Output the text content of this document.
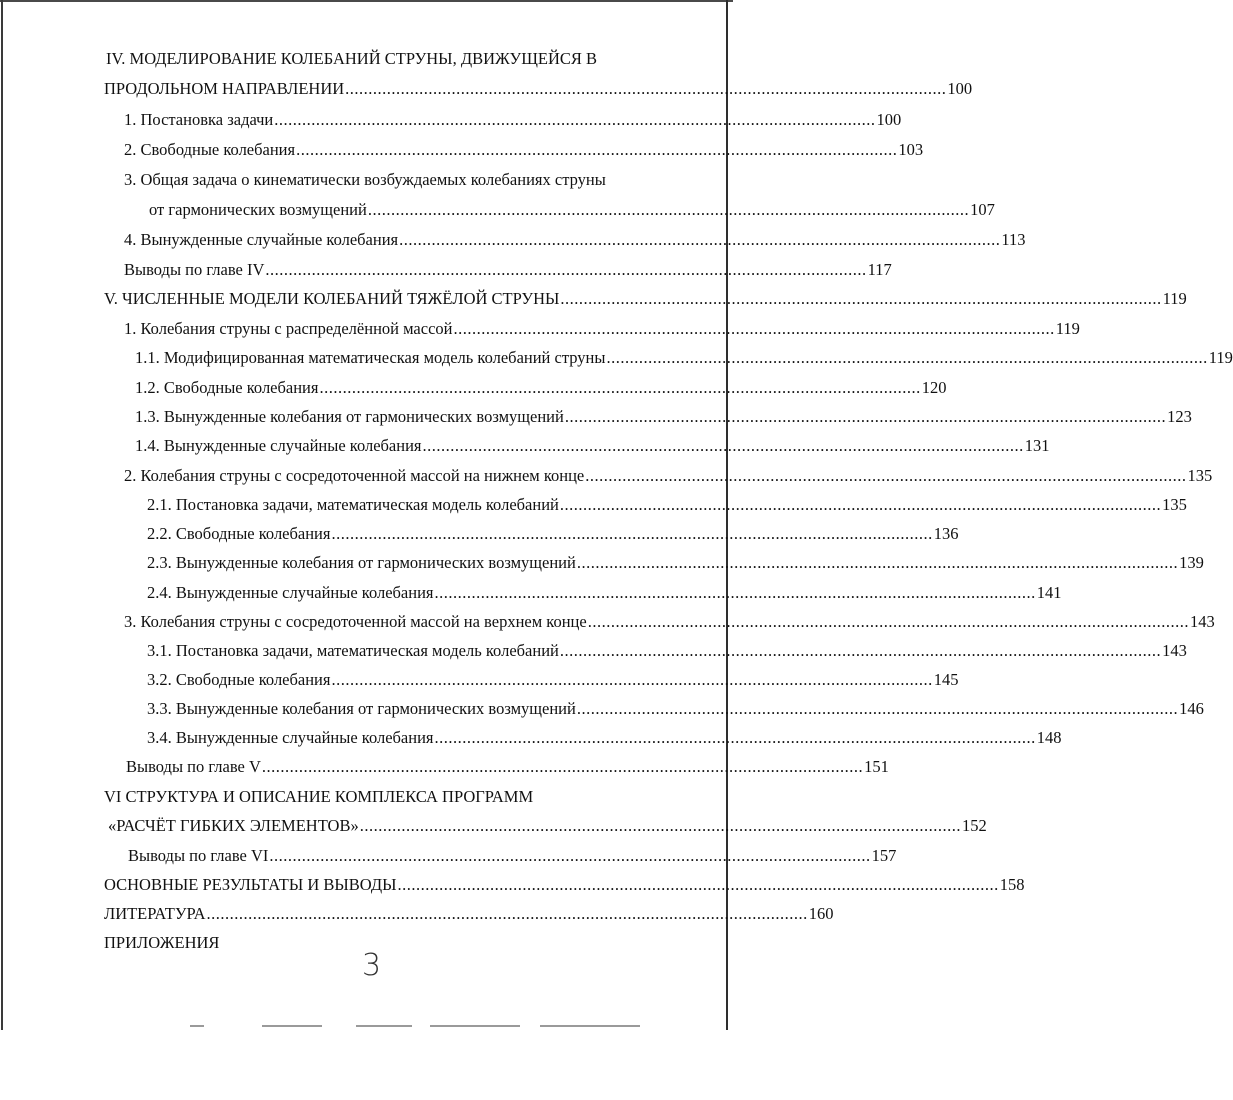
IV. МОДЕЛИРОВАНИЕ КОЛЕБАНИЙ СТРУНЫ, ДВИЖУЩЕЙСЯ В
ПРОДОЛЬНОМ НАПРАВЛЕНИИ .................................................................................................................................. 100
1. Постановка задачи .................................................................................................................................. 100
2. Свободные колебания .................................................................................................................................. 103
3. Общая задача о кинематически возбуждаемых колебаниях струны
от гармонических возмущений .................................................................................................................................. 107
4. Вынужденные случайные колебания .................................................................................................................................. 113
Выводы по главе IV .................................................................................................................................. 117
V. ЧИСЛЕННЫЕ МОДЕЛИ КОЛЕБАНИЙ ТЯЖЁЛОЙ СТРУНЫ .................................................................................................................................. 119
1. Колебания струны с распределённой массой .................................................................................................................................. 119
1.1. Модифицированная математическая модель колебаний струны .................................................................................................................................. 119
1.2. Свободные колебания .................................................................................................................................. 120
1.3. Вынужденные колебания от гармонических возмущений .................................................................................................................................. 123
1.4. Вынужденные случайные колебания .................................................................................................................................. 131
2. Колебания струны с сосредоточенной массой на нижнем конце .................................................................................................................................. 135
2.1. Постановка задачи, математическая модель колебаний .................................................................................................................................. 135
2.2. Свободные колебания .................................................................................................................................. 136
2.3. Вынужденные колебания от гармонических возмущений .................................................................................................................................. 139
2.4. Вынужденные случайные колебания .................................................................................................................................. 141
3. Колебания струны с сосредоточенной массой на верхнем конце .................................................................................................................................. 143
3.1. Постановка задачи, математическая модель колебаний .................................................................................................................................. 143
3.2. Свободные колебания .................................................................................................................................. 145
3.3. Вынужденные колебания от гармонических возмущений .................................................................................................................................. 146
3.4. Вынужденные случайные колебания .................................................................................................................................. 148
Выводы по главе V .................................................................................................................................. 151
VI СТРУКТУРА И ОПИСАНИЕ КОМПЛЕКСА ПРОГРАММ
«РАСЧЁТ ГИБКИХ ЭЛЕМЕНТОВ» .................................................................................................................................. 152
Выводы по главе VI .................................................................................................................................. 157
ОСНОВНЫЕ РЕЗУЛЬТАТЫ И ВЫВОДЫ .................................................................................................................................. 158
ЛИТЕРАТУРА .................................................................................................................................. 160
ПРИЛОЖЕНИЯ
3
